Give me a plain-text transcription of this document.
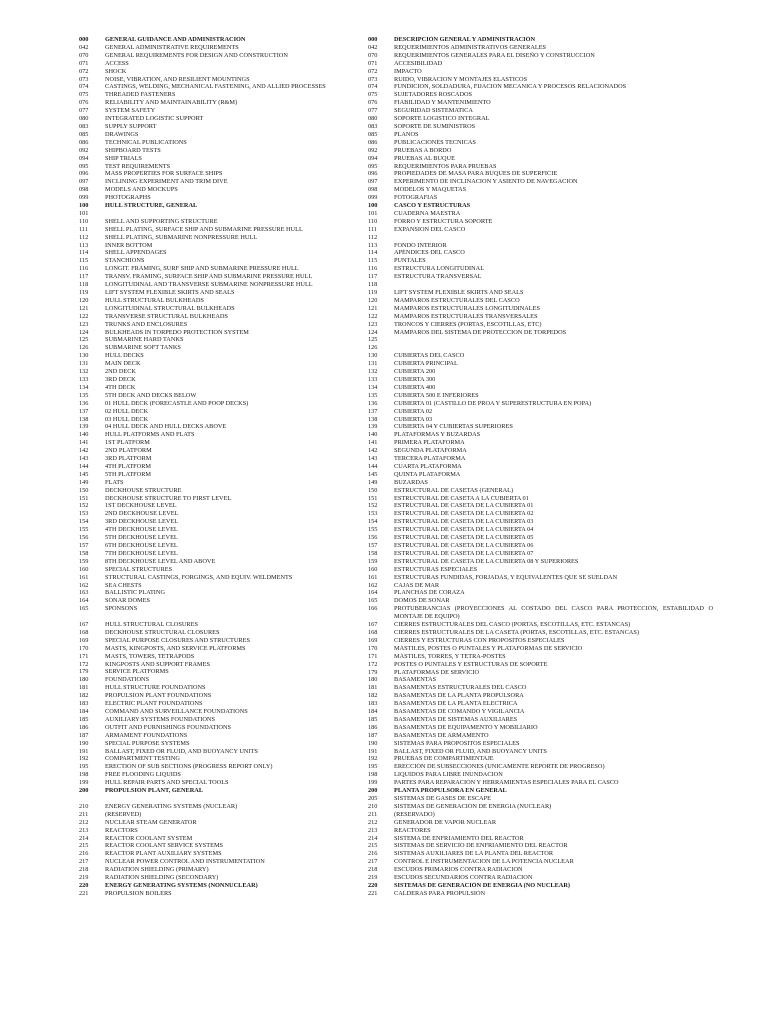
000	GENERAL GUIDANCE AND ADMINISTRACION
042	GENERAL ADMINISTRATIVE REQUIREMENTS
070	GENERAL REQUIREMENTS FOR DESIGN AND CONSTRUCTION
071	ACCESS
072	SHOCK
073	NOISE, VIBRATION, AND RESILIENT MOUNTINGS
074	CASTINGS, WELDING, MECHANICAL FASTENING, AND ALLIED PROCESSES
075	THREADED FASTENERS
076	RELIABILITY AND MAINTAINABILITY (R&M)
077	SYSTEM SAFETY
080	INTEGRATED LOGISTIC SUPPORT
083	SUPPLY SUPPORT
085	DRAWINGS
086	TECHNICAL PUBLICATIONS
092	SHIPBOARD TESTS
094	SHIP TRIALS
095	TEST REQUIREMENTS
096	MASS PROPERTIES FOR SURFACE SHIPS
097	INCLINING EXPERIMENT AND TRIM DIVE
098	MODELS AND MOCKUPS
099	PHOTOGRAPHS
100	HULL STRUCTURE, GENERAL
101
110	SHELL AND SUPPORTING STRUCTURE
111	SHELL PLATING, SURFACE SHIP AND SUBMARINE PRESSURE HULL
112	SHELL PLATING, SUBMARINE NONPRESSURE HULL
113	INNER BOTTOM
114	SHELL APPENDAGES
115	STANCHIONS
116	LONGIT. FRAMING, SURF SHIP AND SUBMARINE PRESSURE HULL
117	TRANSV. FRAMING, SURFACE SHIP AND SUBMARINE PRESSURE HULL
118	LONGITUDINAL AND TRANSVERSE SUBMARINE NONPRESSURE HULL
119	LIFT SYSTEM FLEXIBLE SKIRTS AND SEALS
120	HULL STRUCTURAL BULKHEADS
121	LONGITUDINAL STRUCTURAL BULKHEADS
122	TRANSVERSE STRUCTURAL BULKHEADS
123	TRUNKS AND ENCLOSURES
124	BULKHEADS IN TORPEDO PROTECTION SYSTEM
125	SUBMARINE HARD TANKS
126	SUBMARINE SOFT TANKS
130	HULL DECKS
131	MAIN DECK
132	2ND DECK
133	3RD DECK
134	4TH DECK
135	5TH DECK AND DECKS BELOW
136	01 HULL DECK (FORECASTLE AND POOP DECKS)
137	02 HULL DECK
138	03 HULL DECK
139	04 HULL DECK AND HULL DECKS ABOVE
140	HULL PLATFORMS AND FLATS
141	1ST PLATFORM
142	2ND PLATFORM
143	3RD PLATFORM
144	4TH PLATFORM
145	5TH PLATFORM
149	FLATS
150	DECKHOUSE STRUCTURE
151	DECKHOUSE STRUCTURE TO FIRST LEVEL
152	1ST DECKHOUSE LEVEL
153	2ND DECKHOUSE LEVEL
154	3RD DECKHOUSE LEVEL
155	4TH DECKHOUSE LEVEL
156	5TH DECKHOUSE LEVEL
157	6TH DECKHOUSE LEVEL
158	7TH DECKHOUSE LEVEL
159	8TH DECKHOUSE LEVEL AND ABOVE
160	SPECIAL STRUCTURES
161	STRUCTURAL CASTINGS, FORGINGS, AND EQUIV. WELDMENTS
162	SEA CHESTS
163	BALLISTIC PLATING
164	SONAR DOMES
165	SPONSONS
167	HULL STRUCTURAL CLOSURES
168	DECKHOUSE STRUCTURAL CLOSURES
169	SPECIAL PURPOSE CLOSURES AND STRUCTURES
170	MASTS, KINGPOSTS, AND SERVICE PLATFORMS
171	MASTS, TOWERS, TETRAPODS
172	KINGPOSTS AND SUPPORT FRAMES
179	SERVICE PLATFORMS
180	FOUNDATIONS
181	HULL STRUCTURE FOUNDATIONS
182	PROPULSION PLANT FOUNDATIONS
183	ELECTRIC PLANT FOUNDATIONS
184	COMMAND AND SURVEILLANCE FOUNDATIONS
185	AUXILIARY SYSTEMS FOUNDATIONS
186	OUTFIT AND FURNISHINGS FOUNDATIONS
187	ARMAMENT FOUNDATIONS
190	SPECIAL PURPOSE SYSTEMS
191	BALLAST, FIXED OR FLUID, AND BUOYANCY UNITS
192	COMPARTMENT TESTING
195	ERECTION OF SUB SECTIONS (PROGRESS REPORT ONLY)
198	FREE FLOODING LIQUIDS
199	HULL REPAIR PARTS AND SPECIAL TOOLS
200	PROPULSION PLANT, GENERAL
210	ENERGY GENERATING SYSTEMS (NUCLEAR)
211	(RESERVED)
212	NUCLEAR STEAM GENERATOR
213	REACTORS
214	REACTOR COOLANT SYSTEM
215	REACTOR COOLANT SERVICE SYSTEMS
216	REACTOR PLANT AUXILIARY SYSTEMS
217	NUCLEAR POWER CONTROL AND INSTRUMENTATION
218	RADIATION SHIELDING (PRIMARY)
219	RADIATION SHIELDING (SECONDARY)
220	ENERGY GENERATING SYSTEMS (NONNUCLEAR)
221	PROPULSION BOILERS
000	DESCRIPCIÓN GENERAL Y ADMINISTRACIÓN
042	REQUERIMIENTOS ADMINISTRATIVOS GENERALES
070	REQUERIMIENTOS GENERALES PARA EL DISEÑO Y CONSTRUCCION
071	ACCESIBILIDAD
072	IMPACTO
073	RUIDO, VIBRACION Y MONTAJES ELASTICOS
074	FUNDICION, SOLDADURA, FIJACION MECANICA Y PROCESOS RELACIONADOS
075	SUJETADORES ROSCADOS
076	FIABILIDAD Y MANTENIMIENTO
077	SEGURIDAD SISTEMATICA
080	SOPORTE LOGISTICO INTEGRAL
083	SOPORTE DE SUMINISTROS
085	PLANOS
086	PUBLICACIONES TECNICAS
092	PRUEBAS A BORDO
094	PRUEBAS AL BUQUE
095	REQUERIMIENTOS PARA PRUEBAS
096	PROPIEDADES DE MASA PARA BUQUES DE SUPERFICIE
097	EXPERIMENTO DE INCLINACION Y ASIENTO DE NAVEGACION
098	MODELOS Y MAQUETAS
099	FOTOGRAFIAS
100	CASCO Y ESTRUCTURAS
101	CUADERNA MAESTRA
110	FORRO Y ESTRUCTURA SOPORTE
111	EXPANSION DEL CASCO
112
113	FONDO INTERIOR
114	APÉNDICES DEL CASCO
115	PUNTALES
116	ESTRUCTURA LONGITUDINAL
117	ESTRUCTURA TRANSVERSAL
118
119	LIFT SYSTEM FLEXIBLE SKIRTS AND SEALS
120	MAMPAROS ESTRUCTURALES DEL CASCO
121	MAMPAROS ESTRUCTURALES LONGITUDINALES
122	MAMPAROS ESTRUCTURALES TRANSVERSALES
123	TRONCOS Y CIERRES (PORTAS, ESCOTILLAS, ETC)
124	MAMPAROS DEL SISTEMA DE PROTECCION DE TORPEDOS
125
126
130	CUBIERTAS DEL CASCO
131	CUBIERTA PRINCIPAL
132	CUBIERTA 200
133	CUBIERTA 300
134	CUBIERTA 400
135	CUBIERTA 500 E INFERIORES
136	CUBIERTA 01 (CASTILLO DE PROA Y SUPERESTRUCTURA EN POPA)
137	CUBIERTA 02
138	CUBIERTA 03
139	CUBIERTA 04 Y CUBIERTAS SUPERIORES
140	PLATAFORMAS Y BUZARDAS
141	PRIMERA PLATAFORMA
142	SEGUNDA PLATAFORMA
143	TERCERA PLATAFORMA
144	CUARTA PLATAFORMA
145	QUINTA PLATAFORMA
149	BUZARDAS
150	ESTRUCTURAL DE CASETAS (GENERAL)
151	ESTRUCTURAL DE CASETA A LA CUBIERTA 01
152	ESTRUCTURAL DE CASETA DE LA CUBIERTA 01
153	ESTRUCTURAL DE CASETA DE LA CUBIERTA 02
154	ESTRUCTURAL DE CASETA DE LA CUBIERTA 03
155	ESTRUCTURAL DE CASETA DE LA CUBIERTA 04
156	ESTRUCTURAL DE CASETA DE LA CUBIERTA 05
157	ESTRUCTURAL DE CASETA DE LA CUBIERTA 06
158	ESTRUCTURAL DE CASETA DE LA CUBIERTA 07
159	ESTRUCTURAL DE CASETA DE LA CUBIERTA 08 Y SUPERIORES
160	ESTRUCTURAS ESPECIALES
161	ESTRUCTURAS FUNDIDAS, FORJADAS, Y EQUIVALENTES QUE SE SUELDAN
162	CAJAS DE MAR
164	PLANCHAS DE CORAZA
165	DOMOS DE SONAR
166	PROTUBERANCIAS (PROYECCIONES AL COSTADO DEL CASCO PARA PROTECCIÓN, ESTABILIDAD O MONTAJE DE EQUIPO)
167	CIERRES ESTRUCTURALES DEL CASCO (PORTAS, ESCOTILLAS, ETC. ESTANCAS)
168	CIERRES ESTRUCTURALES DE LA CASETA (PORTAS, ESCOTILLAS, ETC. ESTANCAS)
169	CIERRES Y ESTRUCTURAS CON PROPOSITOS ESPECIALES
170	MÁSTILES, POSTES O PUNTALES Y PLATAFORMAS DE SERVICIO
171	MÁSTILES, TORRES, Y TETRA-POSTES
172	POSTES O PUNTALES Y ESTRUCTURAS DE SOPORTE
179	PLATAFORMAS DE SERVICIO
180	BASAMENTAS
181	BASAMENTAS ESTRUCTURALES DEL CASCO
182	BASAMENTAS DE LA PLANTA PROPULSORA
183	BASAMENTAS DE LA PLANTA ELECTRICA
184	BASAMENTAS DE COMANDO Y VIGILANCIA
185	BASAMENTAS DE SISTEMAS AUXILIARES
186	BASAMENTAS DE EQUIPAMENTO Y MOBILIARIO
187	BASAMENTAS DE ARMAMENTO
190	SISTEMAS PARA PROPOSITOS ESPECIALES
191	BALLAST, FIXED OR FLUID, AND BUOYANCY UNITS
192	PRUEBAS DE COMPARTIMENTAJE
195	ERECCIÓN DE SUBSECCIONES (UNICAMENTE REPORTE DE PROGRESO)
198	LIQUIDOS PARA LIBRE INUNDACION
199	PARTES PARA REPARACIÓN Y HERRAMIENTAS ESPECIALES PARA EL CASCO
200	PLANTA PROPULSORA EN GENERAL
205	SISTEMAS DE GASES DE ESCAPE
210	SISTEMAS DE GENERACIÓN DE ENERGIA (NUCLEAR)
211	(RESERVADO)
212	GENERADOR DE VAPOR NUCLEAR
213	REACTORES
214	SISTEMA DE ENFRIAMIENTO DEL REACTOR
215	SISTEMAS DE SERVICIO DE ENFRIAMIENTO DEL REACTOR
216	SISTEMAS AUXILIARES DE LA PLANTA DEL REACTOR
217	CONTROL E INSTRUMENTACION DE LA POTENCIA NUCLEAR
218	ESCUDOS PRIMARIOS CONTRA RADIACION
219	ESCUDOS SECUNDARIOS CONTRA RADIACION
220	SISTEMAS DE GENERACIÓN DE ENERGIA (NO NUCLEAR)
221	CALDERAS PARA PROPULSIÓN
